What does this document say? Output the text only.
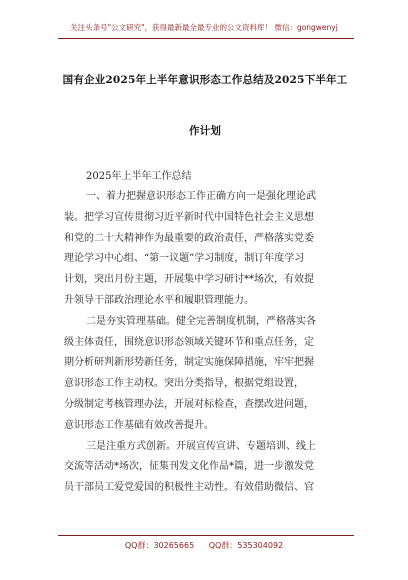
关注头条号"公文研究"，获得最新最全最专业的公文资料库！ 微信：gongwenyj
国有企业2025年上半年意识形态工作总结及2025下半年工
作计划
2025年上半年工作总结
一、着力把握意识形态工作正确方向一是强化理论武
装。把学习宣传贯彻习近平新时代中国特色社会主义思想
和党的二十大精神作为最重要的政治责任，严格落实党委
理论学习中心组、“第一议题”学习制度，制订年度学习
计划，突出月份主题，开展集中学习研讨**场次，有效提
升领导干部政治理论水平和履职管理能力。
二是夯实管理基础。健全完善制度机制，严格落实各
级主体责任，围绕意识形态领域关键环节和重点任务，定
期分析研判新形势新任务，制定实施保障措施，牢牢把握
意识形态工作主动权。突出分类指导，根据党组设置，
分级制定考核管理办法，开展对标检查，查摆改进问题，
意识形态工作基础有效改善提升。
三是注重方式创新。开展宣传宣讲、专题培训、线上
交流等活动*场次，征集刊发文化作品*篇，进一步激发党
员干部员工爱党爱国的积极性主动性。有效借助微信、官
QQ群：30265665 QQ群：535304092
